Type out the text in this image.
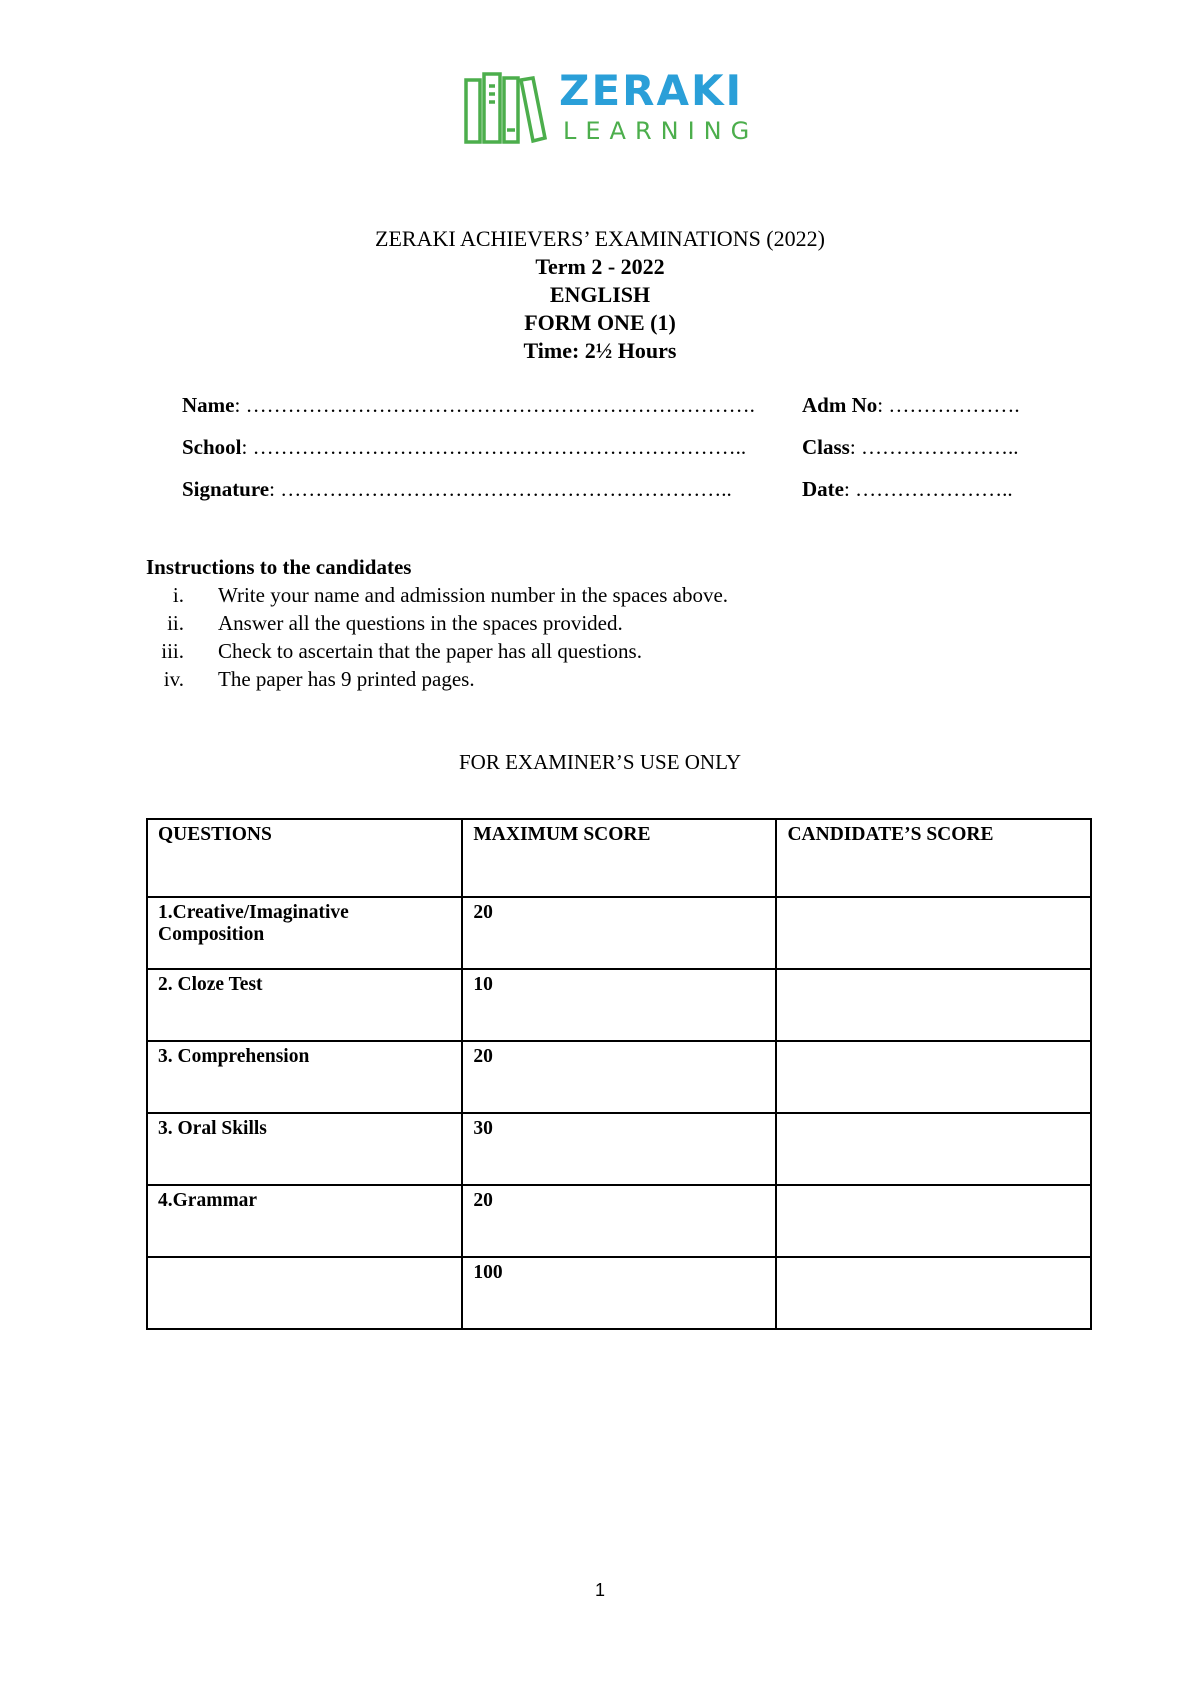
ZERAKI
LEARNING
ZERAKI ACHIEVERS’ EXAMINATIONS (2022)
Term 2 - 2022
ENGLISH
FORM ONE (1)
Time: 2½ Hours
Name: ………………………………………………………………. Adm No: ……………….
School: ……………………………………………………………..	Class: …………………..
Signature: ………………………………………………………..	Date: …………………..
Instructions to the candidates
i. Write your name and admission number in the spaces above.
ii. Answer all the questions in the spaces provided.
iii. Check to ascertain that the paper has all questions.
iv. The paper has 9 printed pages.
FOR EXAMINER’S USE ONLY
QUESTIONS	MAXIMUM SCORE	CANDIDATE’S SCORE
1.Creative/Imaginative Composition	20	
2. Cloze Test	10	
3. Comprehension	20	
3. Oral Skills	30	
4.Grammar	20	
	100	
1
